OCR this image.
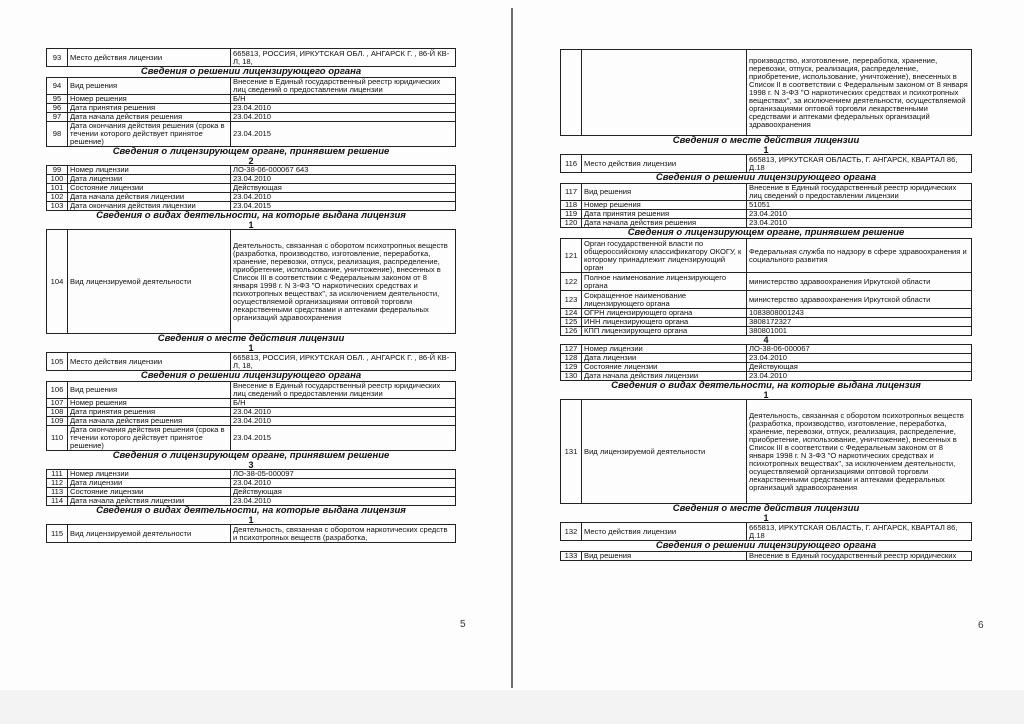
93	Место действия лицензии	665813, РОССИЯ, ИРКУТСКАЯ ОБЛ. , АНГАРСК Г. , 86-Й КВ-Л, 18,
Сведения о решении лицензирующего органа
94	Вид решения	Внесение в Единый государственный реестр юридических лиц сведений о предоставлении лицензии
95	Номер решения	Б/Н
96	Дата принятия решения	23.04.2010
97	Дата начала действия решения	23.04.2010
98	Дата окончания действия решения (срока в течении которого действует принятое решение)	23.04.2015
Сведения о лицензирующем органе, принявшем решение
2
99	Номер лицензии	ЛО-38-06-000067 643
100	Дата лицензии	23.04.2010
101	Состояние лицензии	Действующая
102	Дата начала действия лицензии	23.04.2010
103	Дата окончания действия лицензии	23.04.2015
Сведения о видах деятельности, на которые выдана лицензия
1
104	Вид лицензируемой деятельности	Деятельность, связанная с оборотом психотропных веществ (разработка, производство, изготовление, переработка, хранение, перевозки, отпуск, реализация, распределение, приобретение, использование, уничтожение), внесенных в Список III в соответствии с Федеральным законом от 8 января 1998 г. N 3-ФЗ "О наркотических средствах и психотропных веществах", за исключением деятельности, осуществляемой организациями оптовой торговли лекарственными средствами и аптеками федеральных организаций здравоохранения
Сведения о месте действия лицензии
1
105	Место действия лицензии	665813, РОССИЯ, ИРКУТСКАЯ ОБЛ. , АНГАРСК Г. , 86-Й КВ-Л, 18,
Сведения о решении лицензирующего органа
106	Вид решения	Внесение в Единый государственный реестр юридических лиц сведений о предоставлении лицензии
107	Номер решения	Б/Н
108	Дата принятия решения	23.04.2010
109	Дата начала действия решения	23.04.2010
110	Дата окончания действия решения (срока в течении которого действует принятое решение)	23.04.2015
Сведения о лицензирующем органе, принявшем решение
3
111	Номер лицензии	ЛО-38-05-000097
112	Дата лицензии	23.04.2010
113	Состояние лицензии	Действующая
114	Дата начала действия лицензии	23.04.2010
Сведения о видах деятельности, на которые выдана лицензия
1
115	Вид лицензируемой деятельности	Деятельность, связанная с оборотом наркотических средств и психотропных веществ (разработка,
5
		производство, изготовление, переработка, хранение, перевозки, отпуск, реализация, распределение, приобретение, использование, уничтожение), внесенных в Список II в соответствии с Федеральным законом от 8 января 1998 г. N 3-ФЗ "О наркотических средствах и психотропных веществах", за исключением деятельности, осуществляемой организациями оптовой торговли лекарственными средствами и аптеками федеральных организаций здравоохранения
Сведения о месте действия лицензии
1
116	Место действия лицензии	665813, ИРКУТСКАЯ ОБЛАСТЬ, Г. АНГАРСК, КВАРТАЛ 86, Д.18
Сведения о решении лицензирующего органа
117	Вид решения	Внесение в Единый государственный реестр юридических лиц сведений о предоставлении лицензии
118	Номер решения	51051
119	Дата принятия решения	23.04.2010
120	Дата начала действия решения	23.04.2010
Сведения о лицензирующем органе, принявшем решение
121	Орган государственной власти по общероссийскому классификатору ОКОГУ, к которому принадлежит лицензирующий орган	Федеральная служба по надзору в сфере здравоохранения и социального развития
122	Полное наименование лицензирующего органа	министерство здравоохранения Иркутской области
123	Сокращенное наименование лицензирующего органа	министерство здравоохранения Иркутской области
124	ОГРН лицензирующего органа	1083808001243
125	ИНН лицензирующего органа	3808172327
126	КПП лицензирующего органа	380801001
4
127	Номер лицензии	ЛО-38-06-000067
128	Дата лицензии	23.04.2010
129	Состояние лицензии	Действующая
130	Дата начала действия лицензии	23.04.2010
Сведения о видах деятельности, на которые выдана лицензия
1
131	Вид лицензируемой деятельности	Деятельность, связанная с оборотом психотропных веществ (разработка, производство, изготовление, переработка, хранение, перевозки, отпуск, реализация, распределение, приобретение, использование, уничтожение), внесенных в Список III в соответствии с Федеральным законом от 8 января 1998 г. N 3-ФЗ "О наркотических средствах и психотропных веществах", за исключением деятельности, осуществляемой организациями оптовой торговли лекарственными средствами и аптеками федеральных организаций здравоохранения
Сведения о месте действия лицензии
1
132	Место действия лицензии	665813, ИРКУТСКАЯ ОБЛАСТЬ, Г. АНГАРСК, КВАРТАЛ 86, Д.18
Сведения о решении лицензирующего органа
133	Вид решения	Внесение в Единый государственный реестр юридических
6
